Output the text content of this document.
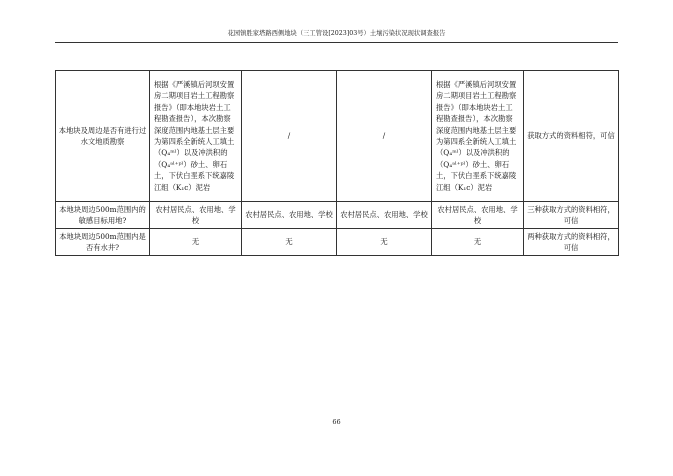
花园镇胜家塔路西侧地块（三工管设[2023]03号）土壤污染状况现状调查报告
本地块及周边是否有进行过水文地质勘察	根据《严溪镇后河坝安置房二期项目岩土工程勘察报告》（即本地块岩土工程勘查报告），本次勘察深度范围内地基土层主要为第四系全新统人工填土（Q₄ᵐˡ）以及冲洪积的（Q₄ᵃˡ⁺ᵖˡ）砂土、卵石土，下伏白垩系下统嘉陵江组（K₁c）泥岩	/	/	根据《严溪镇后河坝安置房二期项目岩土工程勘察报告》（即本地块岩土工程勘查报告），本次勘察深度范围内地基土层主要为第四系全新统人工填土（Q₄ᵐˡ）以及冲洪积的（Q₄ᵃˡ⁺ᵖˡ）砂土、卵石土，下伏白垩系下统嘉陵江组（K₁c）泥岩	获取方式的资料相符，可信
本地块周边500m范围内的敏感目标用地?	农村居民点、农用地、学校	农村居民点、农用地、学校	农村居民点、农用地、学校	农村居民点、农用地、学校	三种获取方式的资料相符，可信
本地块周边500m范围内是否有水井?	无	无	无	无	两种获取方式的资料相符，可信
66
